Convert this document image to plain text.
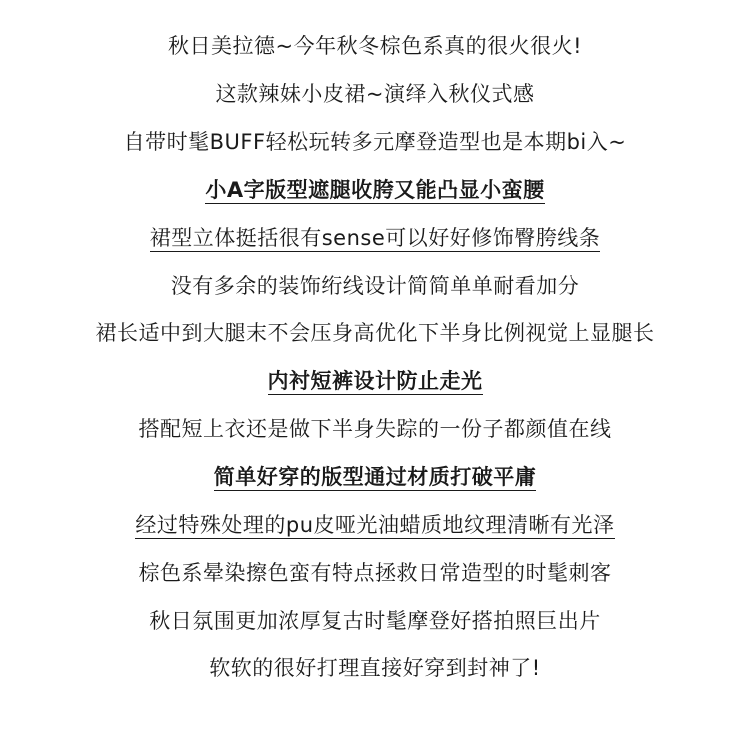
秋日美拉德~今年秋冬棕色系真的很火很火!
这款辣妹小皮裙~演绎入秋仪式感
自带时髦BUFF轻松玩转多元摩登造型也是本期bi入~
小A字版型遮腿收胯又能凸显小蛮腰
裙型立体挺括很有sense可以好好修饰臀胯线条
没有多余的装饰绗线设计简简单单耐看加分
裙长适中到大腿末不会压身高优化下半身比例视觉上显腿长
内衬短裤设计防止走光
搭配短上衣还是做下半身失踪的一份子都颜值在线
简单好穿的版型通过材质打破平庸
经过特殊处理的pu皮哑光油蜡质地纹理清晰有光泽
棕色系晕染擦色蛮有特点拯救日常造型的时髦刺客
秋日氛围更加浓厚复古时髦摩登好搭拍照巨出片
软软的很好打理直接好穿到封神了!
